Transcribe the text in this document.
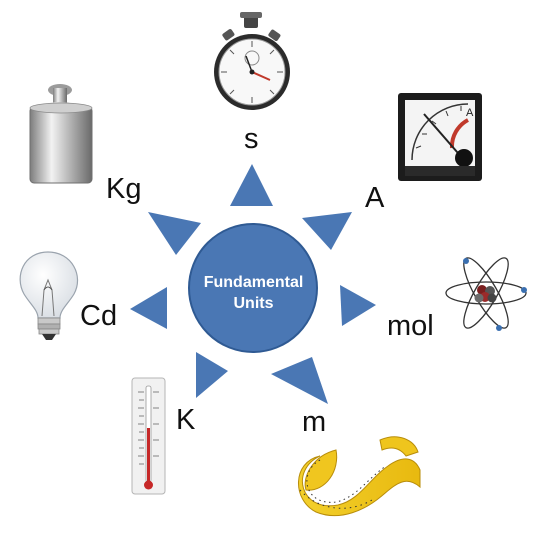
A
Fundamental
Units
s
A
mol
m
K
Cd
Kg
